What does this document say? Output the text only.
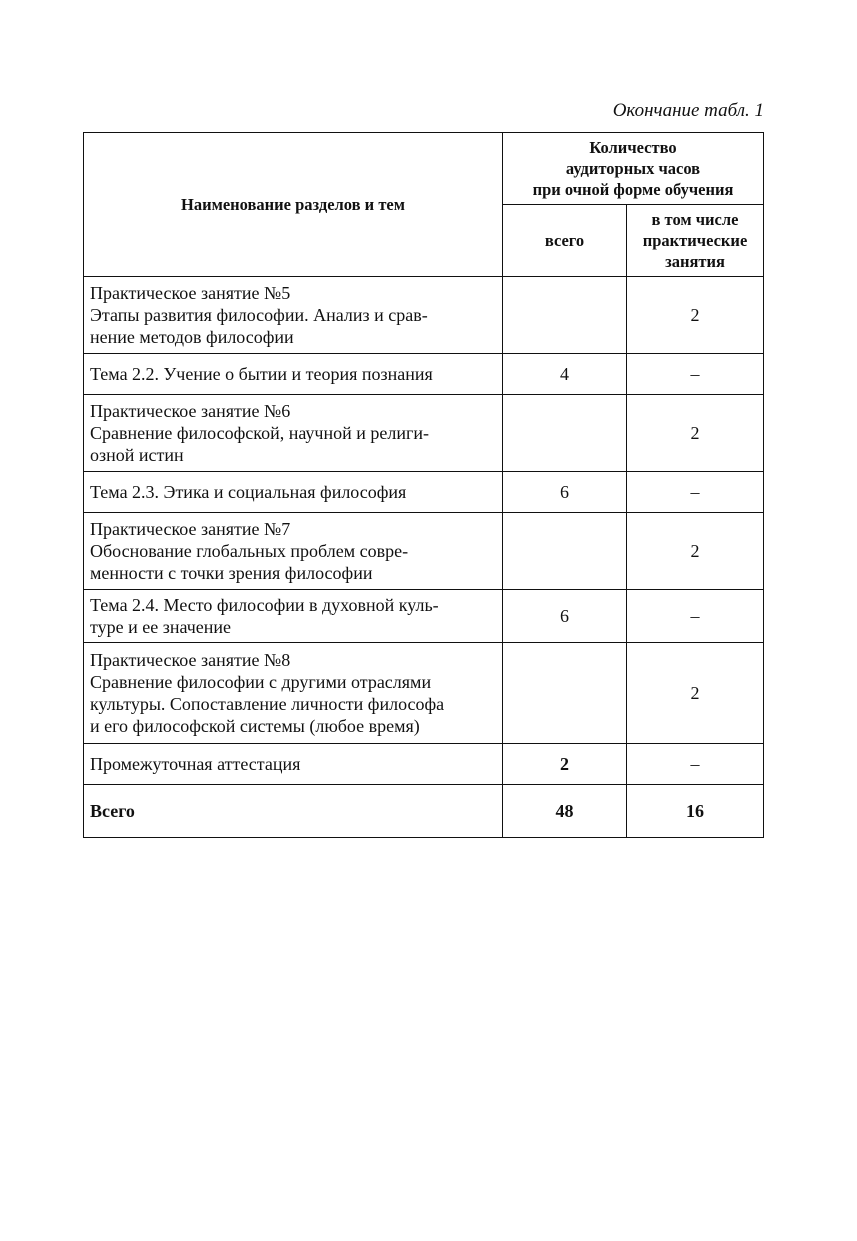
Окончание табл. 1
Наименование разделов и тем	Количество
аудиторных часов
при очной форме обучения	

	всего	в том числе
практические
занятия

Практическое занятие №5
Этапы развития философии. Анализ и срав-
нение методов философии		2

Тема 2.2. Учение о бытии и теория познания	4	–

Практическое занятие №6
Сравнение философской, научной и религи-
озной истин		2

Тема 2.3. Этика и социальная философия	6	–

Практическое занятие №7
Обоснование глобальных проблем совре-
менности с точки зрения философии		2

Тема 2.4. Место философии в духовной куль-
туре и ее значение	6	–

Практическое занятие №8
Сравнение философии с другими отраслями
культуры. Сопоставление личности философа
и его философской системы (любое время)		2

Промежуточная аттестация	2	–

Всего	48	16
